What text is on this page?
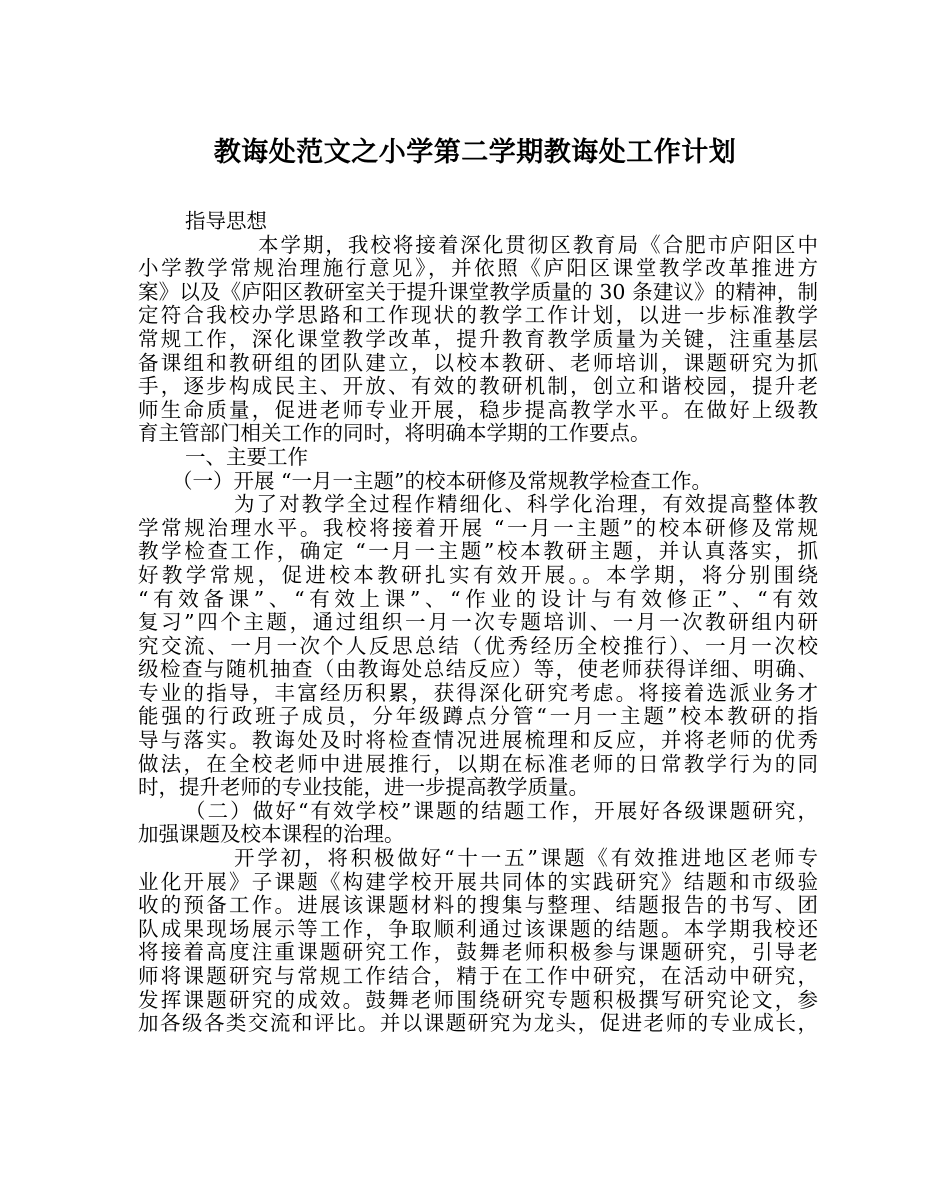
教诲处范文之小学第二学期教诲处工作计划
指导思想
本学期，我校将接着深化贯彻区教育局《合肥市庐阳区中
小学教学常规治理施行意见》，并依照《庐阳区课堂教学改革推进方
案》以及《庐阳区教研室关于提升课堂教学质量的 30 条建议》的精神，制
定符合我校办学思路和工作现状的教学工作计划，以进一步标准教学
常规工作，深化课堂教学改革，提升教育教学质量为关键，注重基层
备课组和教研组的团队建立，以校本教研、老师培训，课题研究为抓
手，逐步构成民主、开放、有效的教研机制，创立和谐校园，提升老
师生命质量，促进老师专业开展，稳步提高教学水平。在做好上级教
育主管部门相关工作的同时，将明确本学期的工作要点。
一、主要工作
（一）开展 “一月一主题”的校本研修及常规教学检查工作。
为了对教学全过程作精细化、科学化治理，有效提高整体教
学常规治理水平。我校将接着开展 “一月一主题”的校本研修及常规
教学检查工作，确定 “一月一主题”校本教研主题，并认真落实，抓
好教学常规，促进校本教研扎实有效开展。。本学期，将分别围绕
“有效备课”、“有效上课”、“作业的设计与有效修正”、“有效
复习”四个主题，通过组织一月一次专题培训、一月一次教研组内研
究交流、一月一次个人反思总结（优秀经历全校推行）、一月一次校
级检查与随机抽查（由教诲处总结反应）等，使老师获得详细、明确、
专业的指导，丰富经历积累，获得深化研究考虑。将接着选派业务才
能强的行政班子成员，分年级蹲点分管“一月一主题”校本教研的指
导与落实。教诲处及时将检查情况进展梳理和反应，并将老师的优秀
做法，在全校老师中进展推行，以期在标准老师的日常教学行为的同
时，提升老师的专业技能，进一步提高教学质量。
（二）做好“有效学校”课题的结题工作，开展好各级课题研究，
加强课题及校本课程的治理。
开学初，将积极做好“十一五”课题《有效推进地区老师专
业化开展》子课题《构建学校开展共同体的实践研究》结题和市级验
收的预备工作。进展该课题材料的搜集与整理、结题报告的书写、团
队成果现场展示等工作，争取顺利通过该课题的结题。本学期我校还
将接着高度注重课题研究工作，鼓舞老师积极参与课题研究，引导老
师将课题研究与常规工作结合，精于在工作中研究，在活动中研究，
发挥课题研究的成效。鼓舞老师围绕研究专题积极撰写研究论文，参
加各级各类交流和评比。并以课题研究为龙头，促进老师的专业成长，
